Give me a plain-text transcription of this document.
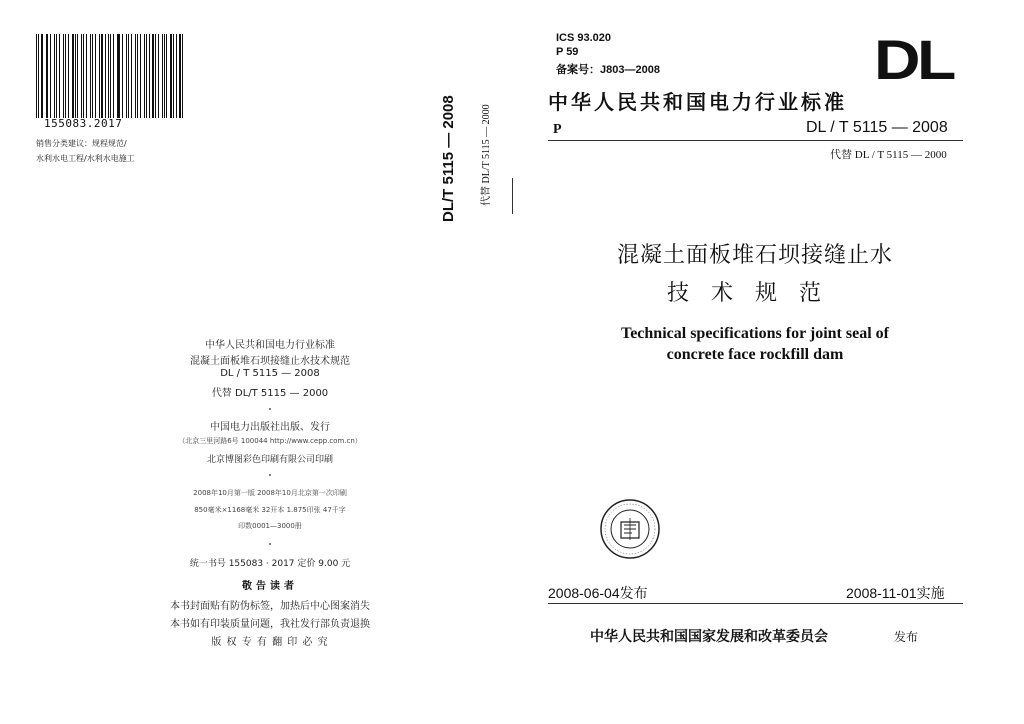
155083.2017
销售分类建议：规程规范/
水利水电工程/水利水电施工	DL/T 5115 — 2008	代替 DL/T 5115 — 2000
中华人民共和国电力行业标准
混凝土面板堆石坝接缝止水技术规范
DL / T 5115 — 2008
代替 DL/T 5115 — 2000
中国电力出版社出版、发行
（北京三里河路6号 100044 http://www.cepp.com.cn）
北京博图彩色印刷有限公司印刷
2008年10月第一版 2008年10月北京第一次印刷
850毫米×1168毫米 32开本 1.875印张 47千字
印数0001—3000册
统一书号 155083 · 2017 定价 9.00 元
敬告读者
本书封面贴有防伪标签，加热后中心图案消失
本书如有印装质量问题，我社发行部负责退换
版 权 专 有 翻 印 必 究
ICS 93.020
P 59
备案号：J803—2008	DL
中华人民共和国电力行业标准
P	DL / T 5115 — 2008
代替 DL / T 5115 — 2000
混凝土面板堆石坝接缝止水
技术规范
Technical specifications for joint seal of
concrete face rockfill dam
2008-06-04发布	2008-11-01实施
中华人民共和国国家发展和改革委员会	发布
